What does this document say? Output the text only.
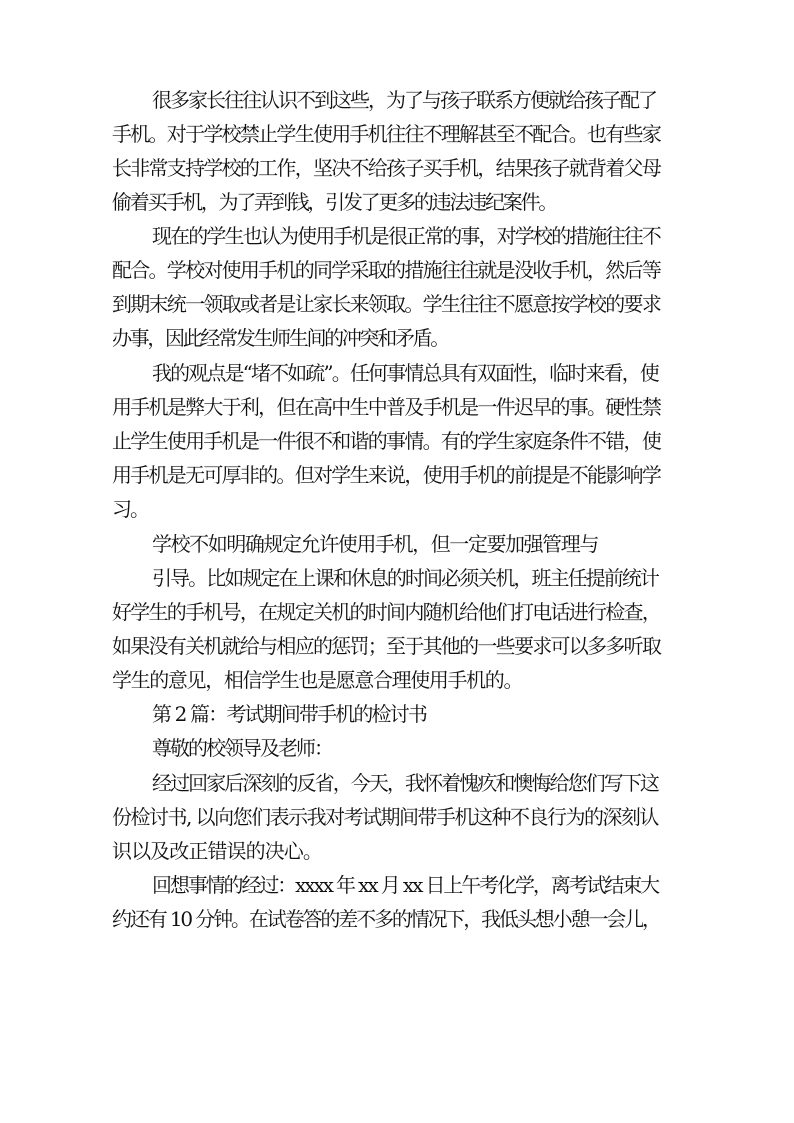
很多家长往往认识不到这些，为了与孩子联系方便就给孩子配了
手机。对于学校禁止学生使用手机往往不理解甚至不配合。也有些家
长非常支持学校的工作，坚决不给孩子买手机，结果孩子就背着父母
偷着买手机，为了弄到钱，引发了更多的违法违纪案件。
现在的学生也认为使用手机是很正常的事，对学校的措施往往不
配合。学校对使用手机的同学采取的措施往往就是没收手机，然后等
到期末统一领取或者是让家长来领取。学生往往不愿意按学校的要求
办事，因此经常发生师生间的冲突和矛盾。
我的观点是“堵不如疏”。任何事情总具有双面性，临时来看，使
用手机是弊大于利，但在高中生中普及手机是一件迟早的事。硬性禁
止学生使用手机是一件很不和谐的事情。有的学生家庭条件不错，使
用手机是无可厚非的。但对学生来说，使用手机的前提是不能影响学
习。
学校不如明确规定允许使用手机，但一定要加强管理与
引导。比如规定在上课和休息的时间必须关机，班主任提前统计
好学生的手机号，在规定关机的时间内随机给他们打电话进行检查，
如果没有关机就给与相应的惩罚；至于其他的一些要求可以多多听取
学生的意见，相信学生也是愿意合理使用手机的。
第 2 篇：考试期间带手机的检讨书
尊敬的校领导及老师：
经过回家后深刻的反省，今天，我怀着愧疚和懊悔给您们写下这
份检讨书, 以向您们表示我对考试期间带手机这种不良行为的深刻认
识以及改正错误的决心。
回想事情的经过：xxxx 年 xx 月 xx 日上午考化学，离考试结束大
约还有 10 分钟。在试卷答的差不多的情况下，我低头想小憩一会儿，
